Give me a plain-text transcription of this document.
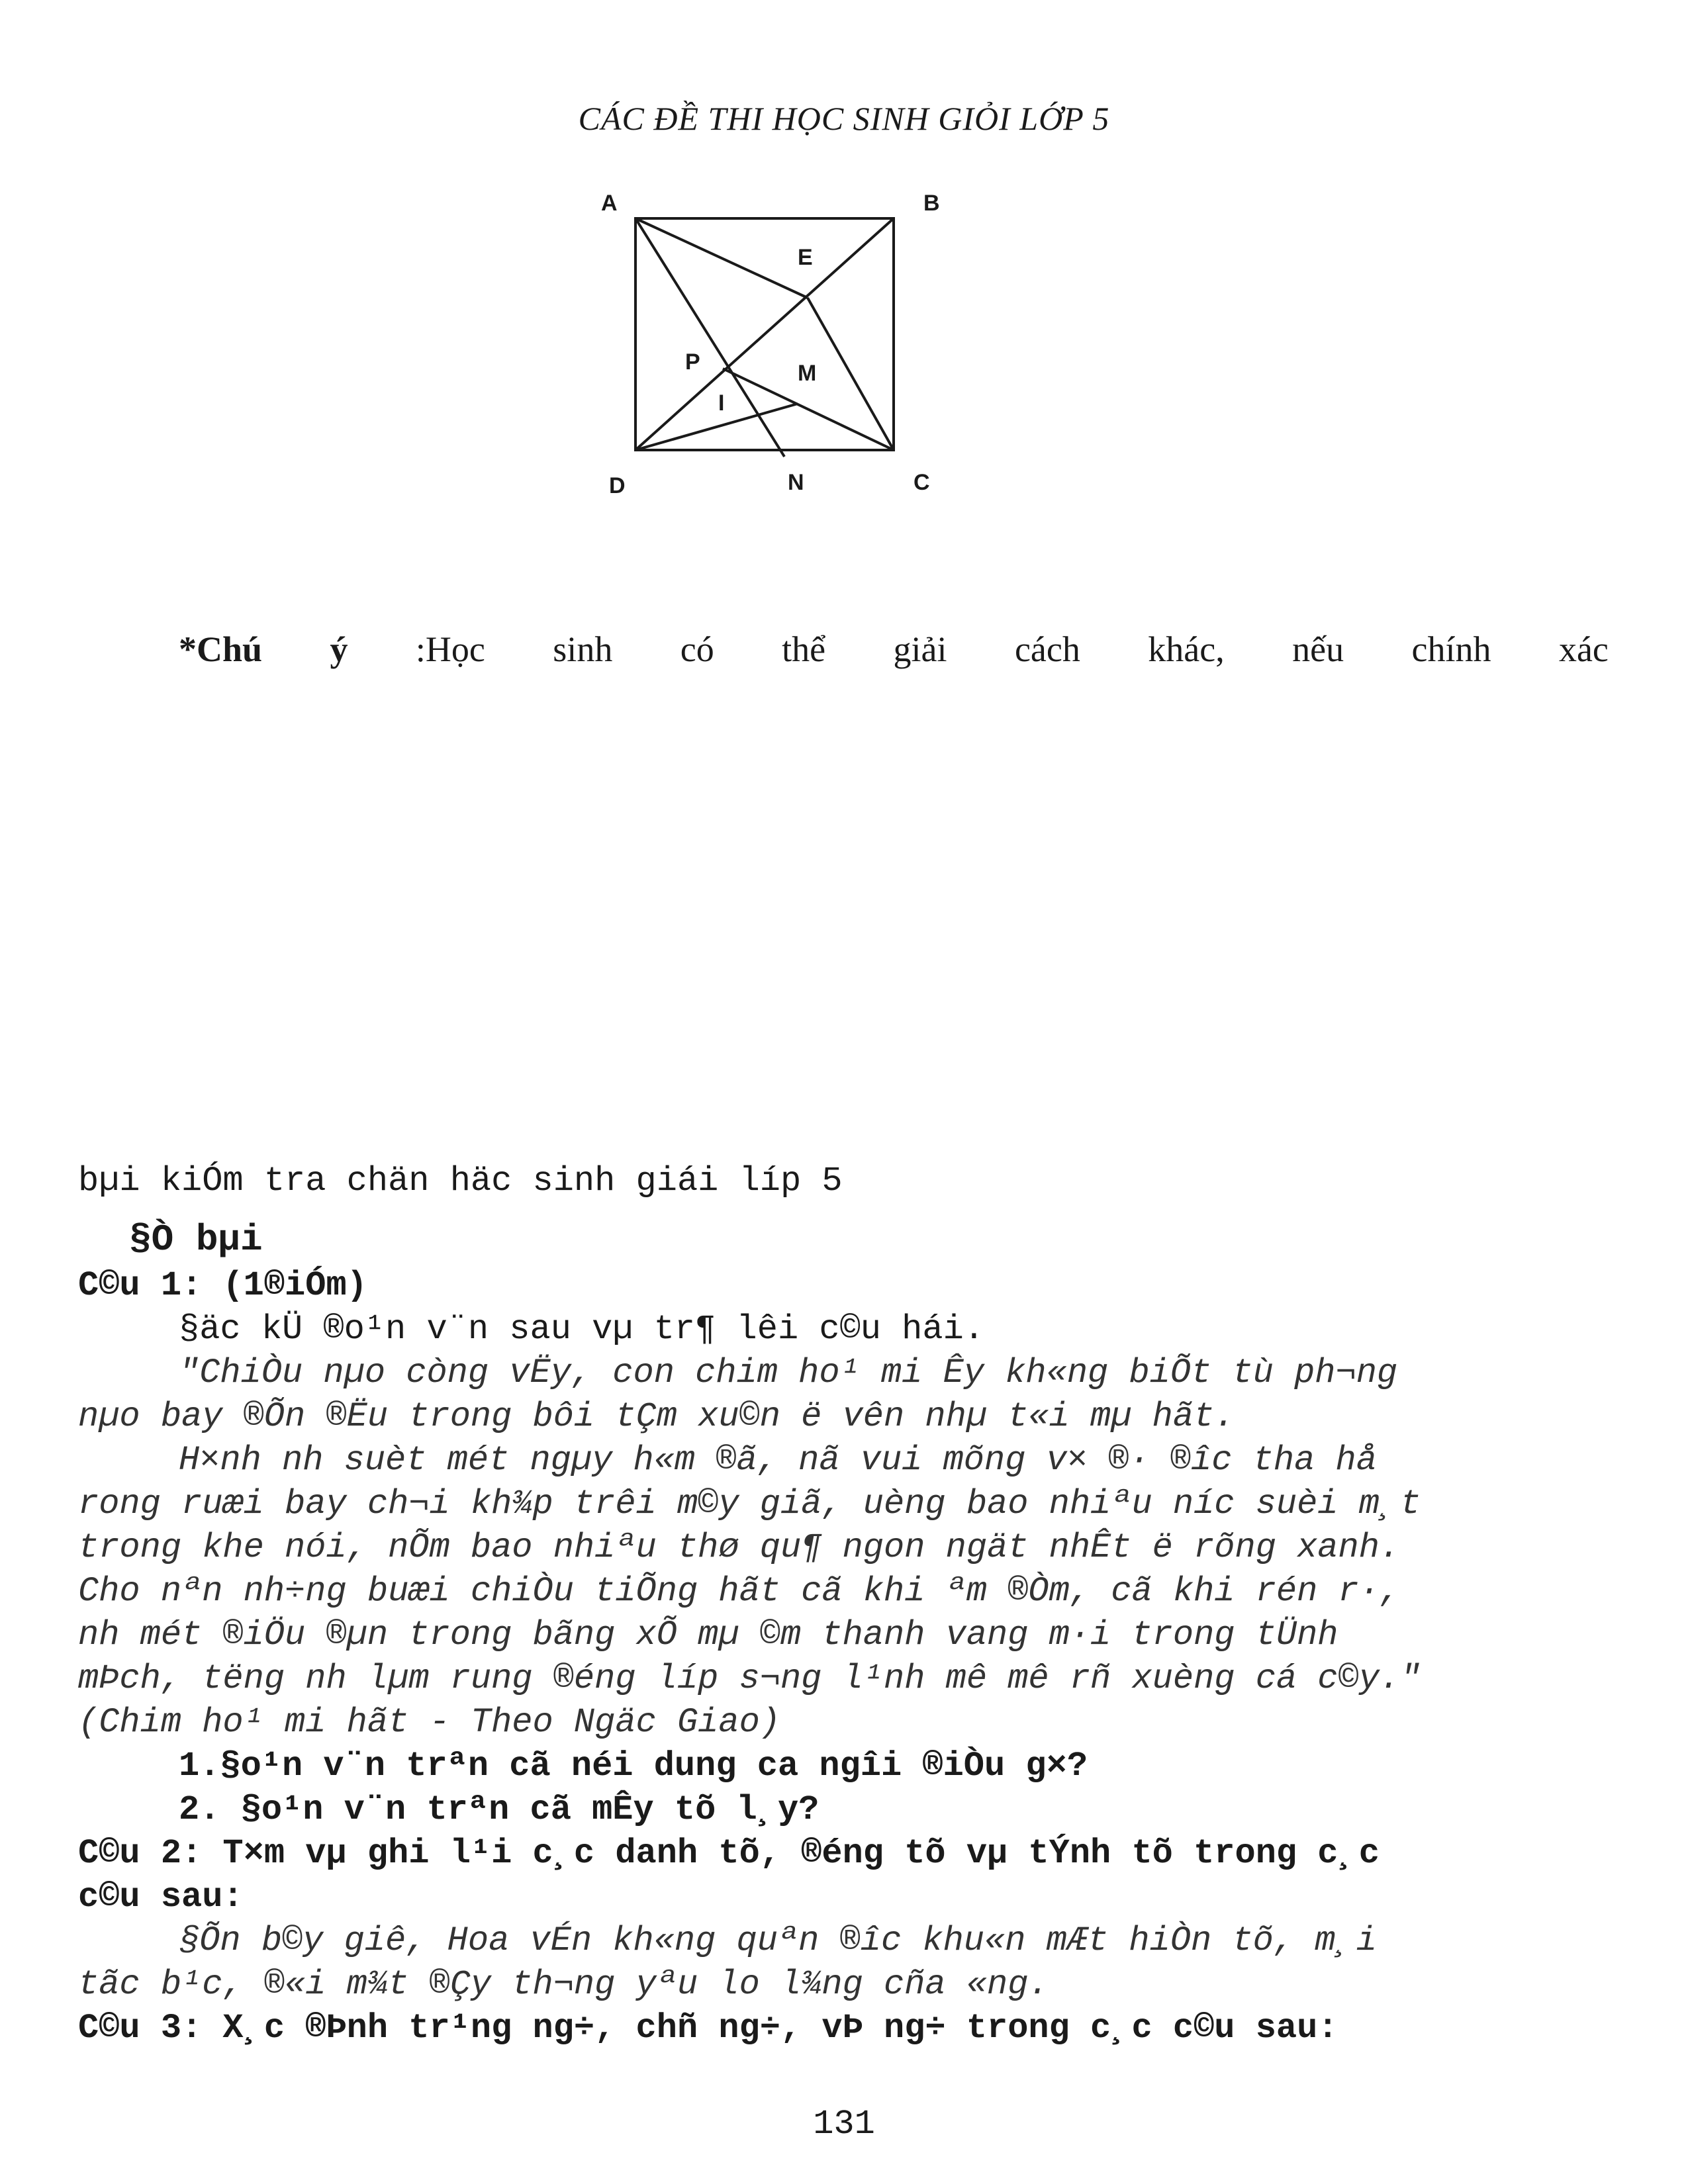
CÁC ĐỀ THI HỌC SINH GIỎI LỚP 5
A	B
E
P	M
I
D	N	C
*Chú ý :Học sinh có thể giải cách khác, nếu chính xác
bµi kiÓm tra chän häc sinh giái líp 5
§Ò bµi
C©u 1: (1®iÓm)
§äc kÜ ®o¹n v¨n sau vµ tr¶ lêi c©u hái.
"ChiÒu nµo còng vËy, con chim ho¹ mi Êy kh«ng biÕt tù ph¬ng
nµo bay ®Õn ®Ëu trong bôi tÇm xu©n ë vên nhµ t«i mµ hãt.
H×nh nh suèt mét ngµy h«m ®ã, nã vui mõng v× ®· ®îc tha hå
rong ruæi bay ch¬i kh¾p trêi m©y giã, uèng bao nhiªu níc suèi m¸t
trong khe nói, nÕm bao nhiªu thø qu¶ ngon ngät nhÊt ë rõng xanh.
Cho nªn nh÷ng buæi chiÒu tiÕng hãt cã khi ªm ®Òm, cã khi rén r·,
nh mét ®iÖu ®µn trong bãng xÕ mµ ©m thanh vang m·i trong tÜnh
mÞch, tëng nh lµm rung ®éng líp s¬ng l¹nh mê mê rñ xuèng cá c©y."
(Chim ho¹ mi hãt - Theo Ngäc Giao)
1.§o¹n v¨n trªn cã néi dung ca ngîi ®iÒu g×?
2. §o¹n v¨n trªn cã mÊy tõ l¸y?
C©u 2: T×m vµ ghi l¹i c¸c danh tõ, ®éng tõ vµ tÝnh tõ trong c¸c
c©u sau:
§Õn b©y giê, Hoa vÉn kh«ng quªn ®îc khu«n mÆt hiÒn tõ, m¸i
tãc b¹c, ®«i m¾t ®Çy th¬ng yªu lo l¾ng cña «ng.
C©u 3: X¸c ®Þnh tr¹ng ng÷, chñ ng÷, vÞ ng÷ trong c¸c c©u sau:
131
